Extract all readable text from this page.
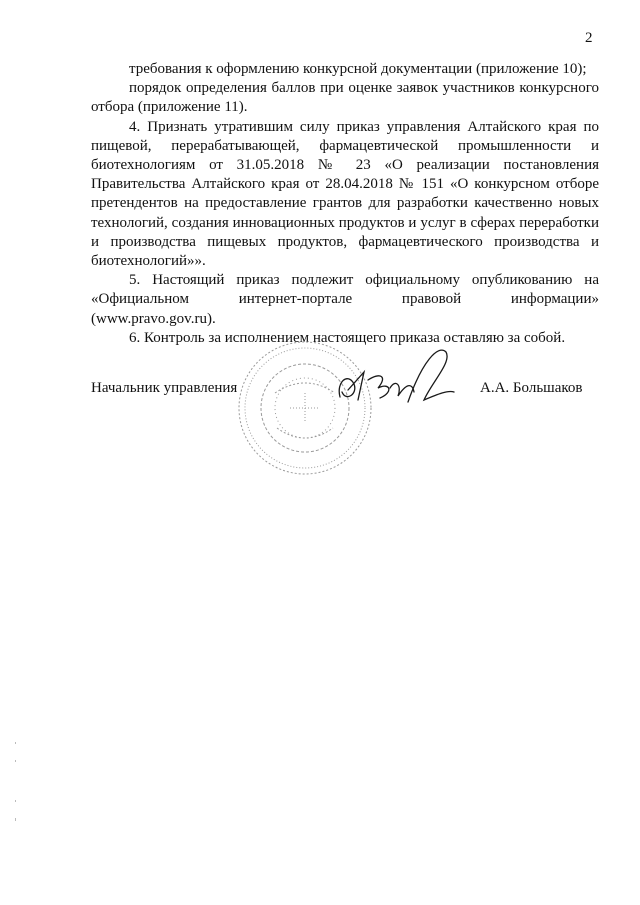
2

требования к оформлению конкурсной документации (приложение 10);

порядок определения баллов при оценке заявок участников конкурсного отбора (приложение 11).

4. Признать утратившим силу приказ управления Алтайского края по пищевой, перерабатывающей, фармацевтической промышленности и биотехнологиям от 31.05.2018 № 23 «О реализации постановления Правительства Алтайского края от 28.04.2018 № 151 «О конкурсном отборе претендентов на предоставление грантов для разработки качественно новых технологий, создания инновационных продуктов и услуг в сферах переработки и производства пищевых продуктов, фармацевтического производства и биотехнологий»».

5. Настоящий приказ подлежит официальному опубликованию на «Официальном интернет-портале правовой информации»

(www.pravo.gov.ru).

6. Контроль за исполнением настоящего приказа оставляю за собой.

Начальник управления	А.А. Большаков
